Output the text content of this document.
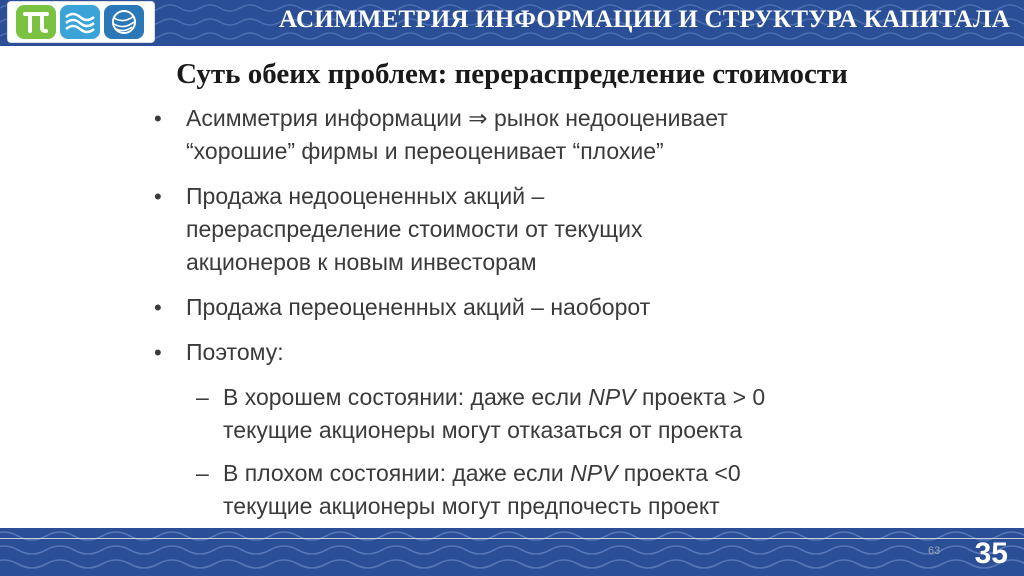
АСИММЕТРИЯ ИНФОРМАЦИИ И СТРУКТУРА КАПИТАЛА
Суть обеих проблем: перераспределение стоимости
• Асимметрия информации ⇒ рынок недооценивает
“хорошие” фирмы и переоценивает “плохие”
• Продажа недооцененных акций –
перераспределение стоимости от текущих
акционеров к новым инвесторам
• Продажа переоцененных акций – наоборот
• Поэтому:
– В хорошем состоянии: даже если NPV проекта > 0
текущие акционеры могут отказаться от проекта
– В плохом состоянии: даже если NPV проекта <0
текущие акционеры могут предпочесть проект
63 35
